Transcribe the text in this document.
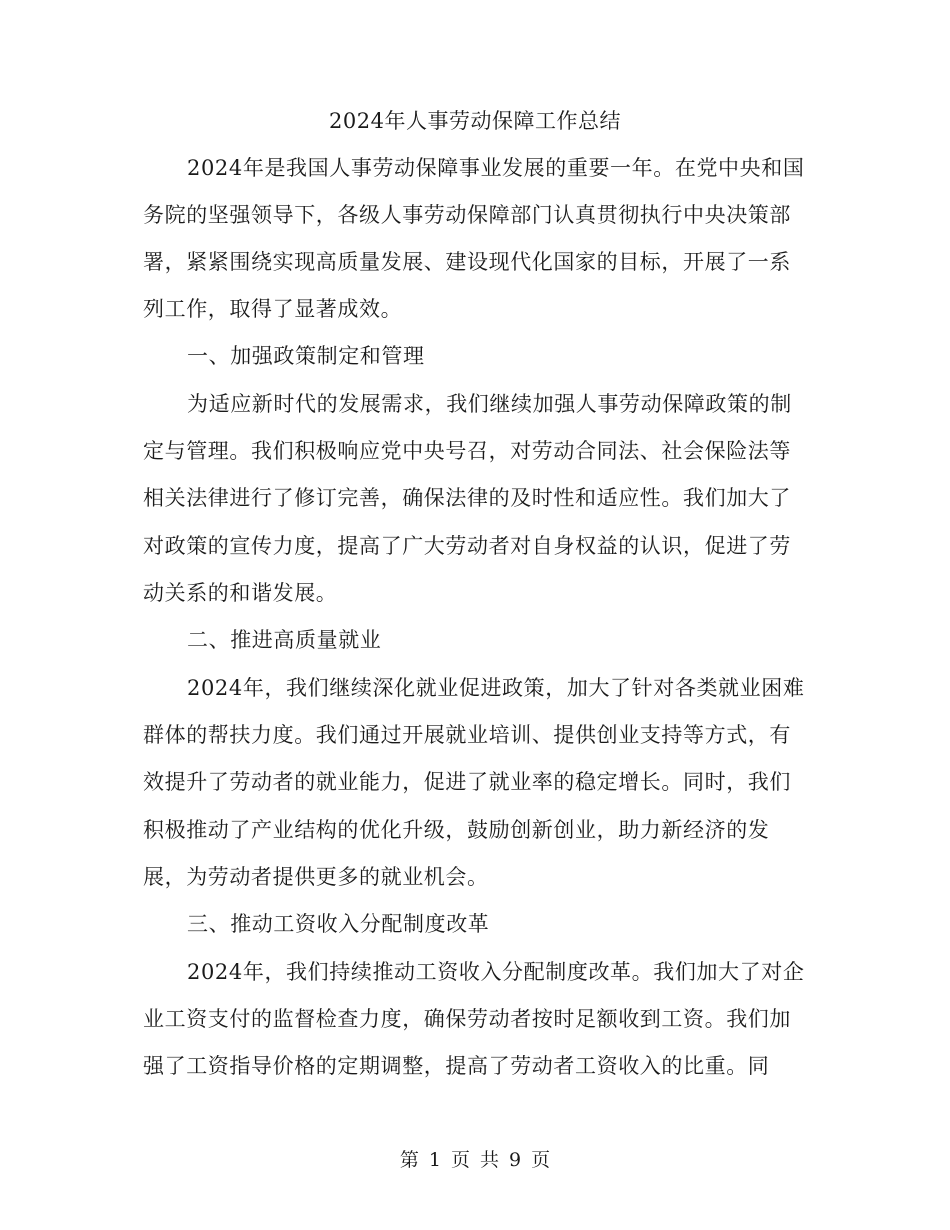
2024年人事劳动保障工作总结
2024年是我国人事劳动保障事业发展的重要一年。在党中央和国
务院的坚强领导下，各级人事劳动保障部门认真贯彻执行中央决策部
署，紧紧围绕实现高质量发展、建设现代化国家的目标，开展了一系
列工作，取得了显著成效。
一、加强政策制定和管理
为适应新时代的发展需求，我们继续加强人事劳动保障政策的制
定与管理。我们积极响应党中央号召，对劳动合同法、社会保险法等
相关法律进行了修订完善，确保法律的及时性和适应性。我们加大了
对政策的宣传力度，提高了广大劳动者对自身权益的认识，促进了劳
动关系的和谐发展。
二、推进高质量就业
2024年，我们继续深化就业促进政策，加大了针对各类就业困难
群体的帮扶力度。我们通过开展就业培训、提供创业支持等方式，有
效提升了劳动者的就业能力，促进了就业率的稳定增长。同时，我们
积极推动了产业结构的优化升级，鼓励创新创业，助力新经济的发
展，为劳动者提供更多的就业机会。
三、推动工资收入分配制度改革
2024年，我们持续推动工资收入分配制度改革。我们加大了对企
业工资支付的监督检查力度，确保劳动者按时足额收到工资。我们加
强了工资指导价格的定期调整，提高了劳动者工资收入的比重。同
第 1 页 共 9 页
